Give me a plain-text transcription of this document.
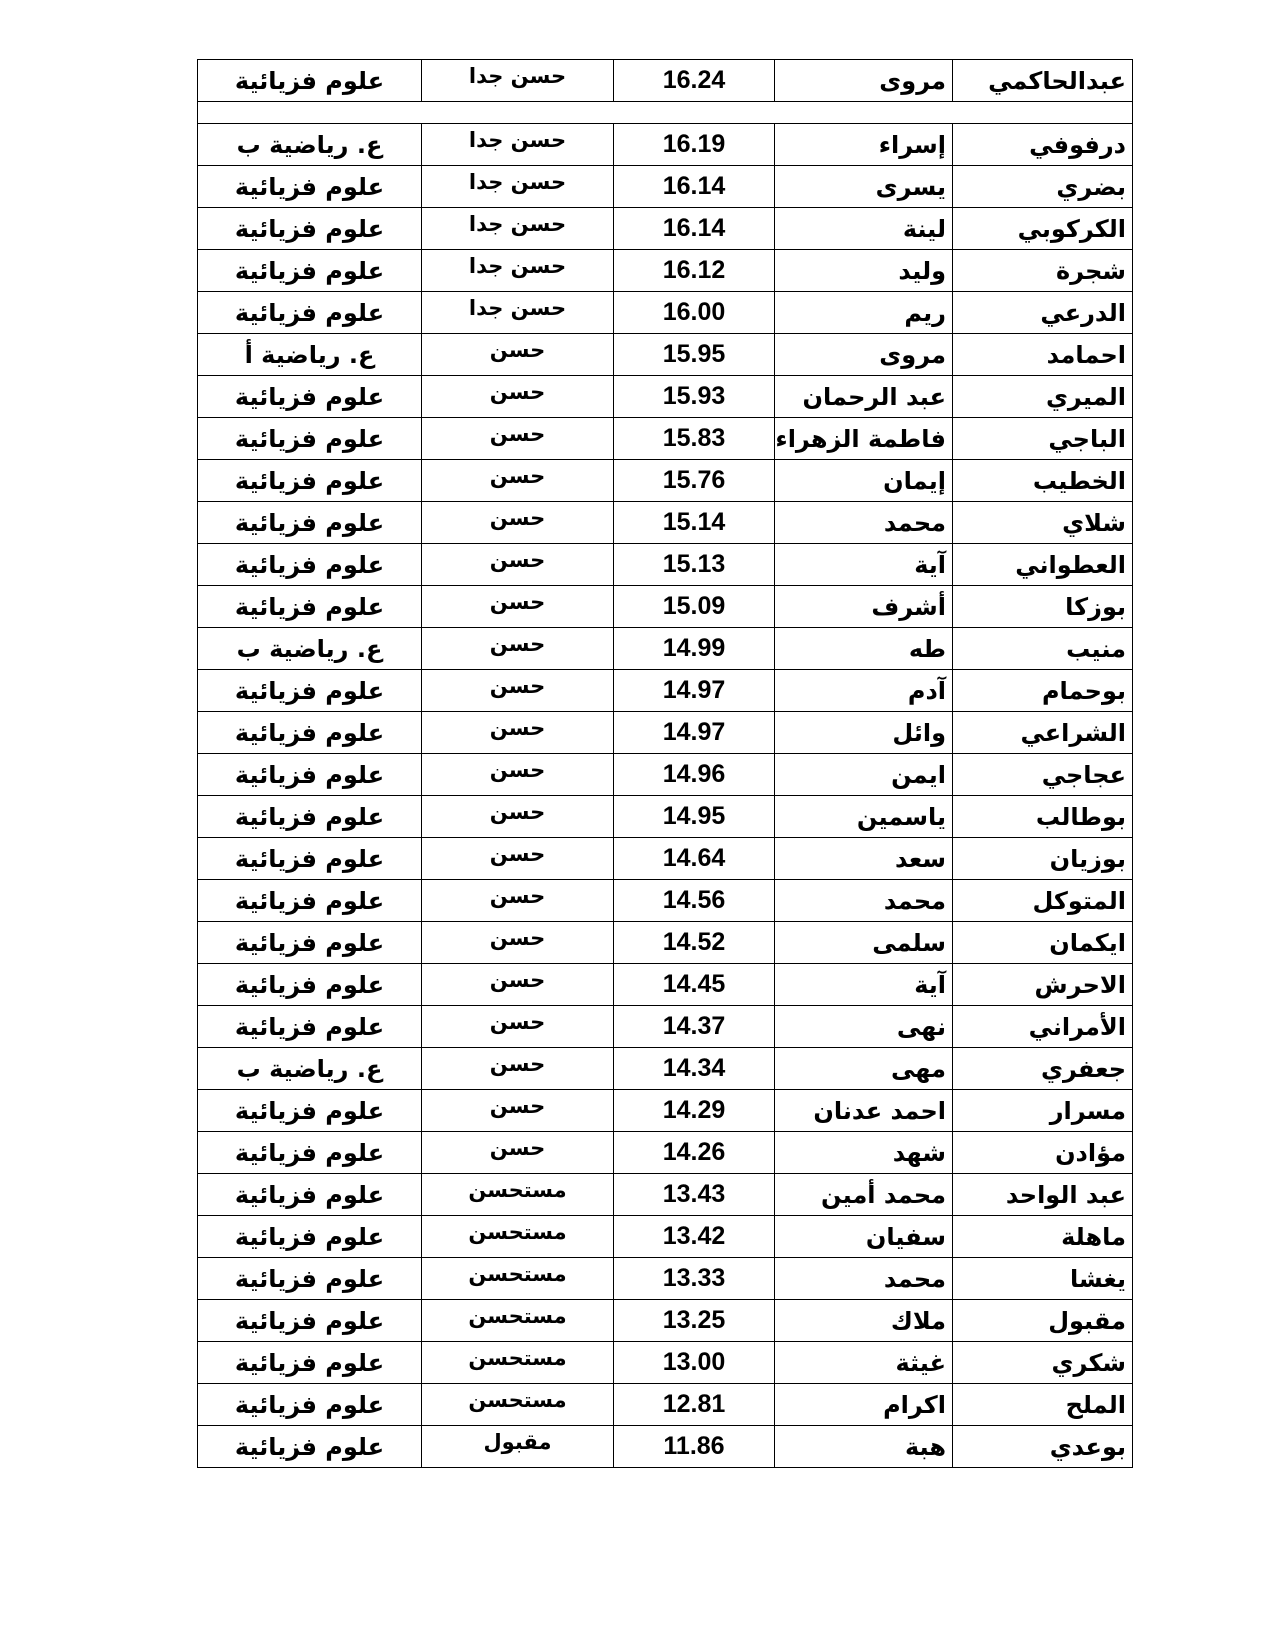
عبدالحاكمي	مروى	16.24	حسن جدا	علوم فزيائية

درفوفي	إسراء	16.19	حسن جدا	ع. رياضية ب
بضري	يسرى	16.14	حسن جدا	علوم فزيائية
الكركوبي	لينة	16.14	حسن جدا	علوم فزيائية
شجرة	وليد	16.12	حسن جدا	علوم فزيائية
الدرعي	ريم	16.00	حسن جدا	علوم فزيائية
احمامد	مروى	15.95	حسن	ع. رياضية أ
الميري	عبد الرحمان	15.93	حسن	علوم فزيائية
الباجي	فاطمة الزهراء	15.83	حسن	علوم فزيائية
الخطيب	إيمان	15.76	حسن	علوم فزيائية
شلاي	محمد	15.14	حسن	علوم فزيائية
العطواني	آية	15.13	حسن	علوم فزيائية
بوزكا	أشرف	15.09	حسن	علوم فزيائية
منيب	طه	14.99	حسن	ع. رياضية ب
بوحمام	آدم	14.97	حسن	علوم فزيائية
الشراعي	وائل	14.97	حسن	علوم فزيائية
عجاجي	ايمن	14.96	حسن	علوم فزيائية
بوطالب	ياسمين	14.95	حسن	علوم فزيائية
بوزيان	سعد	14.64	حسن	علوم فزيائية
المتوكل	محمد	14.56	حسن	علوم فزيائية
ايكمان	سلمى	14.52	حسن	علوم فزيائية
الاحرش	آية	14.45	حسن	علوم فزيائية
الأمراني	نهى	14.37	حسن	علوم فزيائية
جعفري	مهى	14.34	حسن	ع. رياضية ب
مسرار	احمد عدنان	14.29	حسن	علوم فزيائية
مؤادن	شهد	14.26	حسن	علوم فزيائية
عبد الواحد	محمد أمين	13.43	مستحسن	علوم فزيائية
ماهلة	سفيان	13.42	مستحسن	علوم فزيائية
يغشا	محمد	13.33	مستحسن	علوم فزيائية
مقبول	ملاك	13.25	مستحسن	علوم فزيائية
شكري	غيثة	13.00	مستحسن	علوم فزيائية
الملح	اكرام	12.81	مستحسن	علوم فزيائية
بوعدي	هبة	11.86	مقبول	علوم فزيائية
